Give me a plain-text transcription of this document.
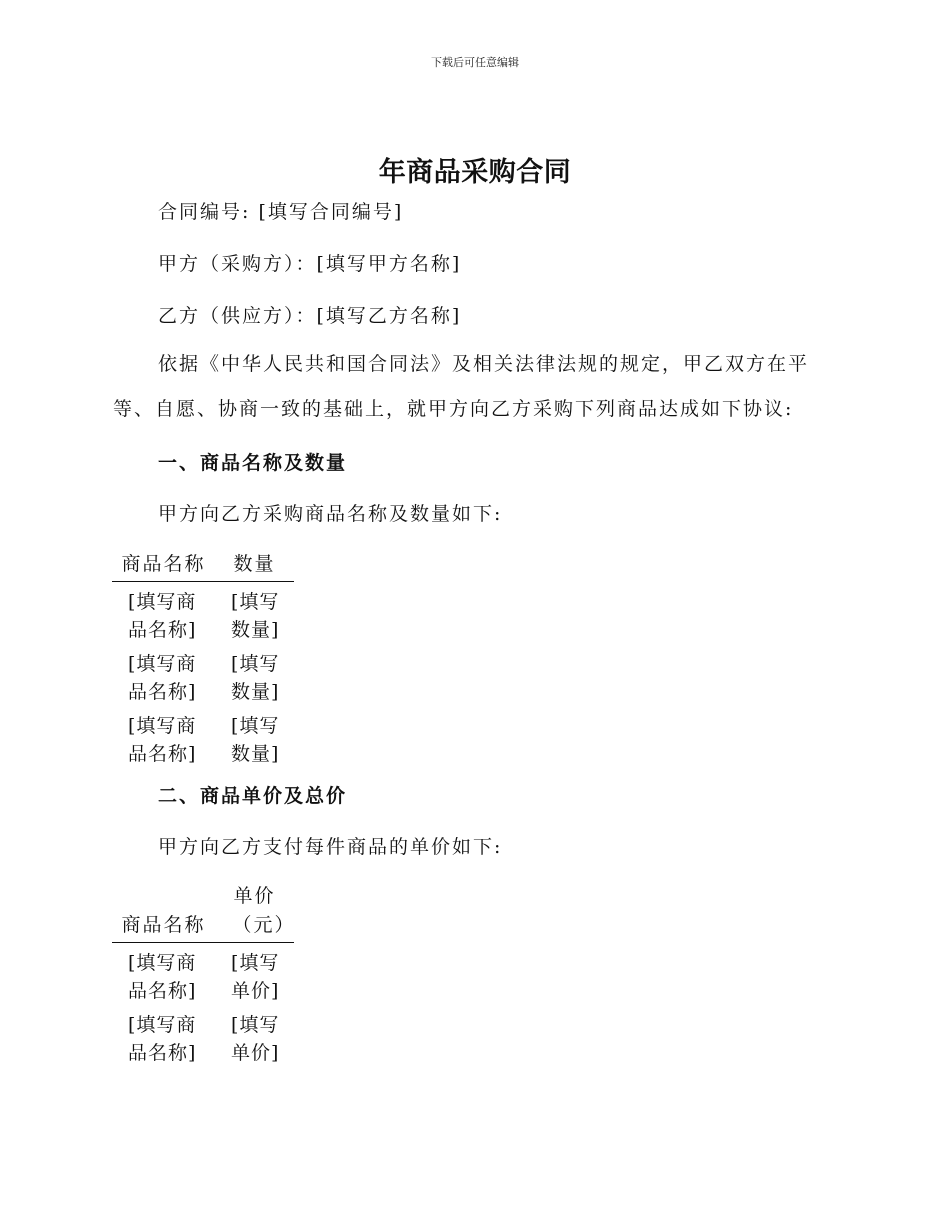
下载后可任意编辑
年商品采购合同
合同编号: [填写合同编号]
甲方（采购方）：[填写甲方名称]
乙方（供应方）：[填写乙方名称]
依据《中华人民共和国合同法》及相关法律法规的规定，甲乙双方在平
等、自愿、协商一致的基础上，就甲方向乙方采购下列商品达成如下协议:
一、商品名称及数量
甲方向乙方采购商品名称及数量如下:
商品名称	数量
[填写商品名称]
[填写数量]
[填写商品名称]
[填写数量]
[填写商品名称]
[填写数量]
二、商品单价及总价
甲方向乙方支付每件商品的单价如下:
商品名称
单价（元）
[填写商品名称]
[填写单价]
[填写商品名称]
[填写单价]
